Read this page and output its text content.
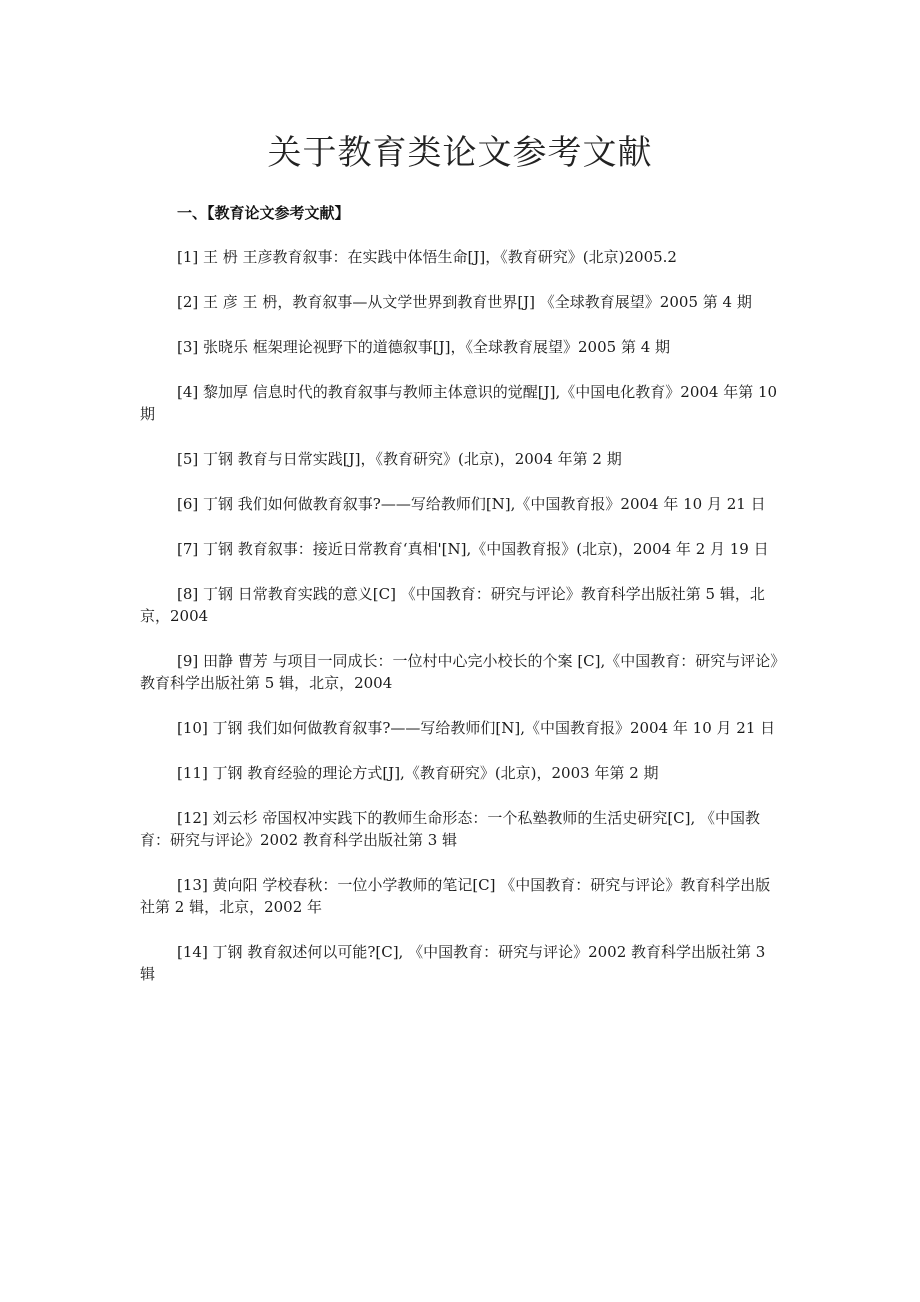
关于教育类论文参考文献

一、【教育论文参考文献】

[1] 王 枬 王彦教育叙事：在实践中体悟生命[J]，《教育研究》(北京)2005.2

[2] 王 彦 王 枬，教育叙事—从文学世界到教育世界[J] 《全球教育展望》2005 第 4 期

[3] 张晓乐 框架理论视野下的道德叙事[J]，《全球教育展望》2005 第 4 期

[4] 黎加厚 信息时代的教育叙事与教师主体意识的觉醒[J],《中国电化教育》2004 年第 10 期

[5] 丁钢 教育与日常实践[J]，《教育研究》(北京)，2004 年第 2 期

[6] 丁钢 我们如何做教育叙事?——写给教师们[N],《中国教育报》2004 年 10 月 21 日

[7] 丁钢 教育叙事：接近日常教育‘真相'[N],《中国教育报》(北京)，2004 年 2 月 19 日

[8] 丁钢 日常教育实践的意义[C] 《中国教育：研究与评论》教育科学出版社第 5 辑，北京，2004

[9] 田静 曹芳 与项目一同成长：一位村中心完小校长的个案 [C],《中国教育：研究与评论》教育科学出版社第 5 辑，北京，2004

[10] 丁钢 我们如何做教育叙事?——写给教师们[N],《中国教育报》2004 年 10 月 21 日

[11] 丁钢 教育经验的理论方式[J],《教育研究》(北京)，2003 年第 2 期

[12] 刘云杉 帝国权冲实践下的教师生命形态：一个私塾教师的生活史研究[C], 《中国教育：研究与评论》2002 教育科学出版社第 3 辑

[13] 黄向阳 学校春秋：一位小学教师的笔记[C] 《中国教育：研究与评论》教育科学出版社第 2 辑，北京，2002 年

[14] 丁钢 教育叙述何以可能?[C], 《中国教育：研究与评论》2002 教育科学出版社第 3 辑
